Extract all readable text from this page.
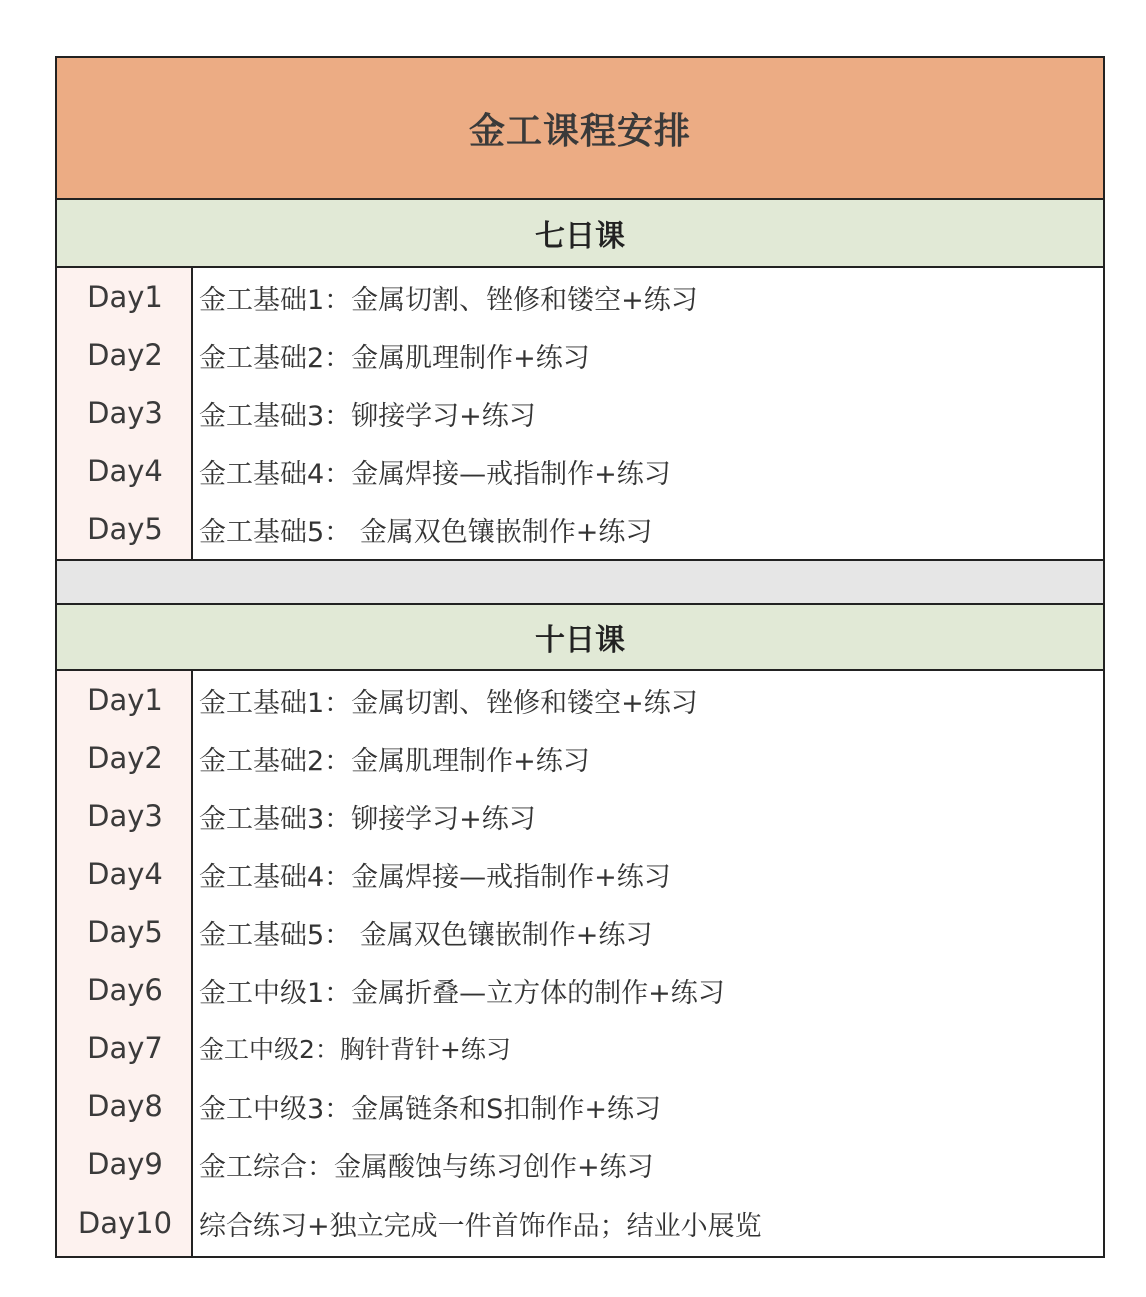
金工课程安排
七日课
Day1	金工基础1：金属切割、锉修和镂空+练习
Day2	金工基础2：金属肌理制作+练习
Day3	金工基础3：铆接学习+练习
Day4	金工基础4：金属焊接—戒指制作+练习
Day5	金工基础5： 金属双色镶嵌制作+练习
十日课
Day1	金工基础1：金属切割、锉修和镂空+练习
Day2	金工基础2：金属肌理制作+练习
Day3	金工基础3：铆接学习+练习
Day4	金工基础4：金属焊接—戒指制作+练习
Day5	金工基础5： 金属双色镶嵌制作+练习
Day6	金工中级1：金属折叠—立方体的制作+练习
Day7	金工中级2：胸针背针+练习
Day8	金工中级3：金属链条和S扣制作+练习
Day9	金工综合：金属酸蚀与练习创作+练习
Day10 综合练习+独立完成一件首饰作品；结业小展览
